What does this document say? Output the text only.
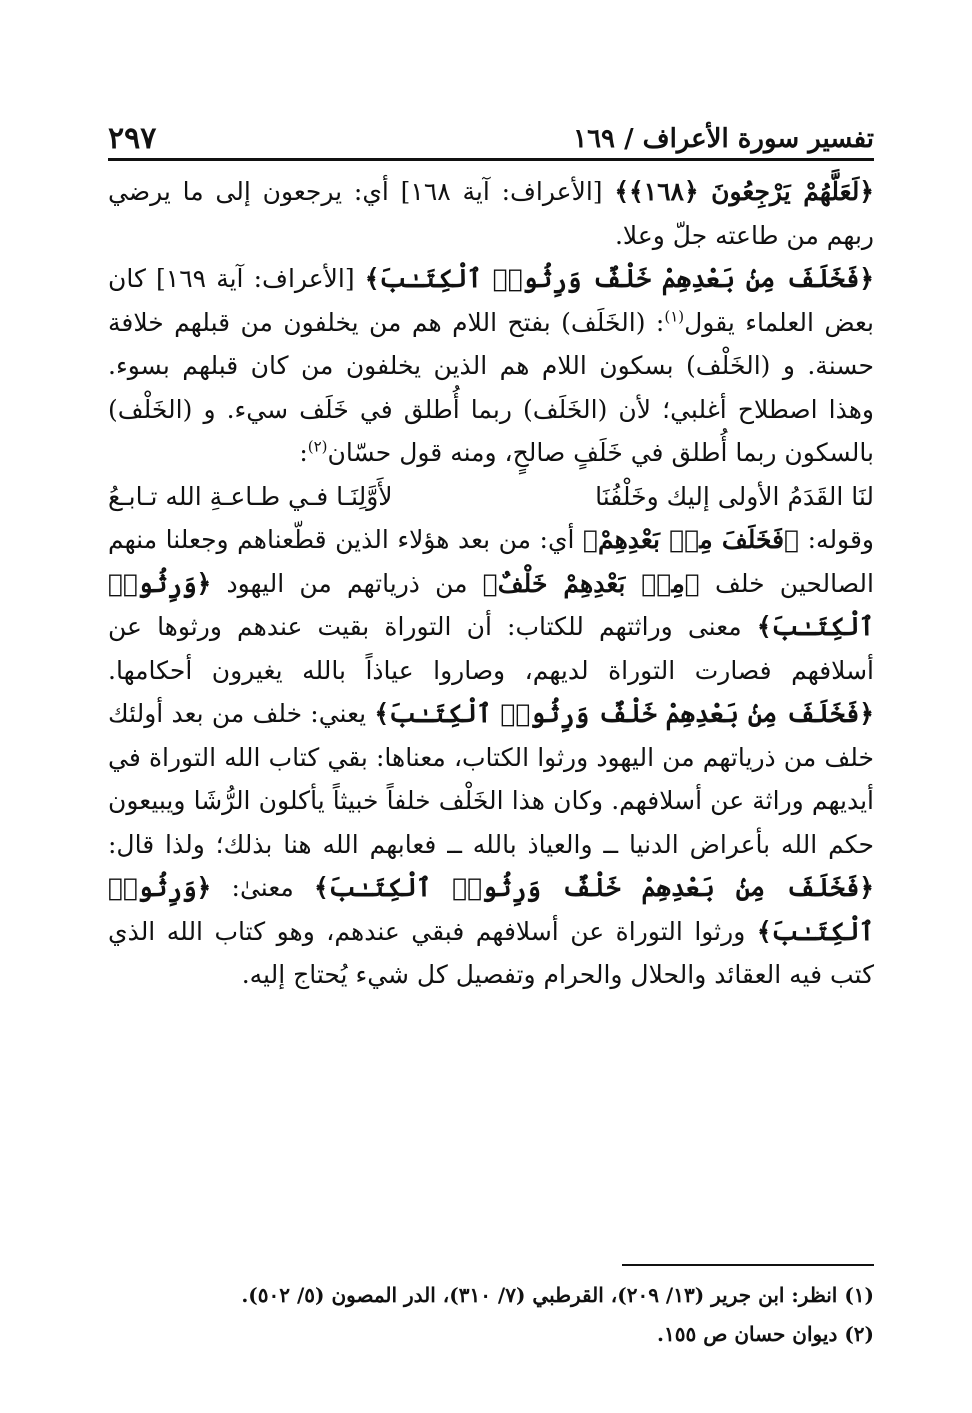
تفسير سورة الأعراف / ١٦٩
٢٩٧

﴿لَعَلَّهُمْ يَرْجِعُونَ ﴿١٦٨﴾﴾ [الأعراف: آية ١٦٨] أي: يرجعون إلى ما يرضي ربهم من طاعته جلّ وعلا.

﴿فَخَلَفَ مِنۢ بَعْدِهِمْ خَلْفٌ وَرِثُوا۟ ٱلْكِتَـٰبَ﴾ [الأعراف: آية ١٦٩] كان بعض العلماء يقول$^{(١)}$: (الخَلَف) بفتح اللام هم من يخلفون من قبلهم خلافة حسنة. و (الخَلْف) بسكون اللام هم الذين يخلفون من كان قبلهم بسوء. وهذا اصطلاح أغلبي؛ لأن (الخَلَف) ربما أُطلق في خَلَف سيء. و (الخَلْف) بالسكون ربما أُطلق في خَلَفٍ صالحٍ، ومنه قول حسّان$^{(٢)}$:

لنَا القَدَمُ الأولى إليك وخَلْفُنَا
لأَوَّلِنَـا فـي طـاعـةِ الله تـابـعُ

وقوله: ﴿فَخَلَفَ مِنۢ بَعْدِهِمْ﴾ أي: من بعد هؤلاء الذين قطّعناهم وجعلنا منهم الصالحين خلف ﴿مِنۢ بَعْدِهِمْ خَلْفٌ﴾ من ذرياتهم من اليهود ﴿وَرِثُوا۟ ٱلْكِتَـٰبَ﴾ معنى وراثتهم للكتاب: أن التوراة بقيت عندهم ورثوها عن أسلافهم فصارت التوراة لديهم، وصاروا عياذاً بالله يغيرون أحكامها. ﴿فَخَلَفَ مِنۢ بَعْدِهِمْ خَلْفٌ وَرِثُوا۟ ٱلْكِتَـٰبَ﴾ يعني: خلف من بعد أولئك خلف من ذرياتهم من اليهود ورثوا الكتاب، معناها: بقي كتاب الله التوراة في أيديهم وراثة عن أسلافهم. وكان هذا الخَلْف خلفاً خبيثاً يأكلون الرُّشَا ويبيعون حكم الله بأعراض الدنيا ــ والعياذ بالله ــ فعابهم الله هنا بذلك؛ ولذا قال: ﴿فَخَلَفَ مِنۢ بَعْدِهِمْ خَلْفٌ وَرِثُوا۟ ٱلْكِتَـٰبَ﴾ معنىٰ: ﴿وَرِثُوا۟ ٱلْكِتَـٰبَ﴾ ورثوا التوراة عن أسلافهم فبقي عندهم، وهو كتاب الله الذي كتب فيه العقائد والحلال والحرام وتفصيل كل شيء يُحتاج إليه.

(١) انظر: ابن جرير (١٣/ ٢٠٩)، القرطبي (٧/ ٣١٠)، الدر المصون (٥/ ٥٠٢).
(٢) ديوان حسان ص ١٥٥.
